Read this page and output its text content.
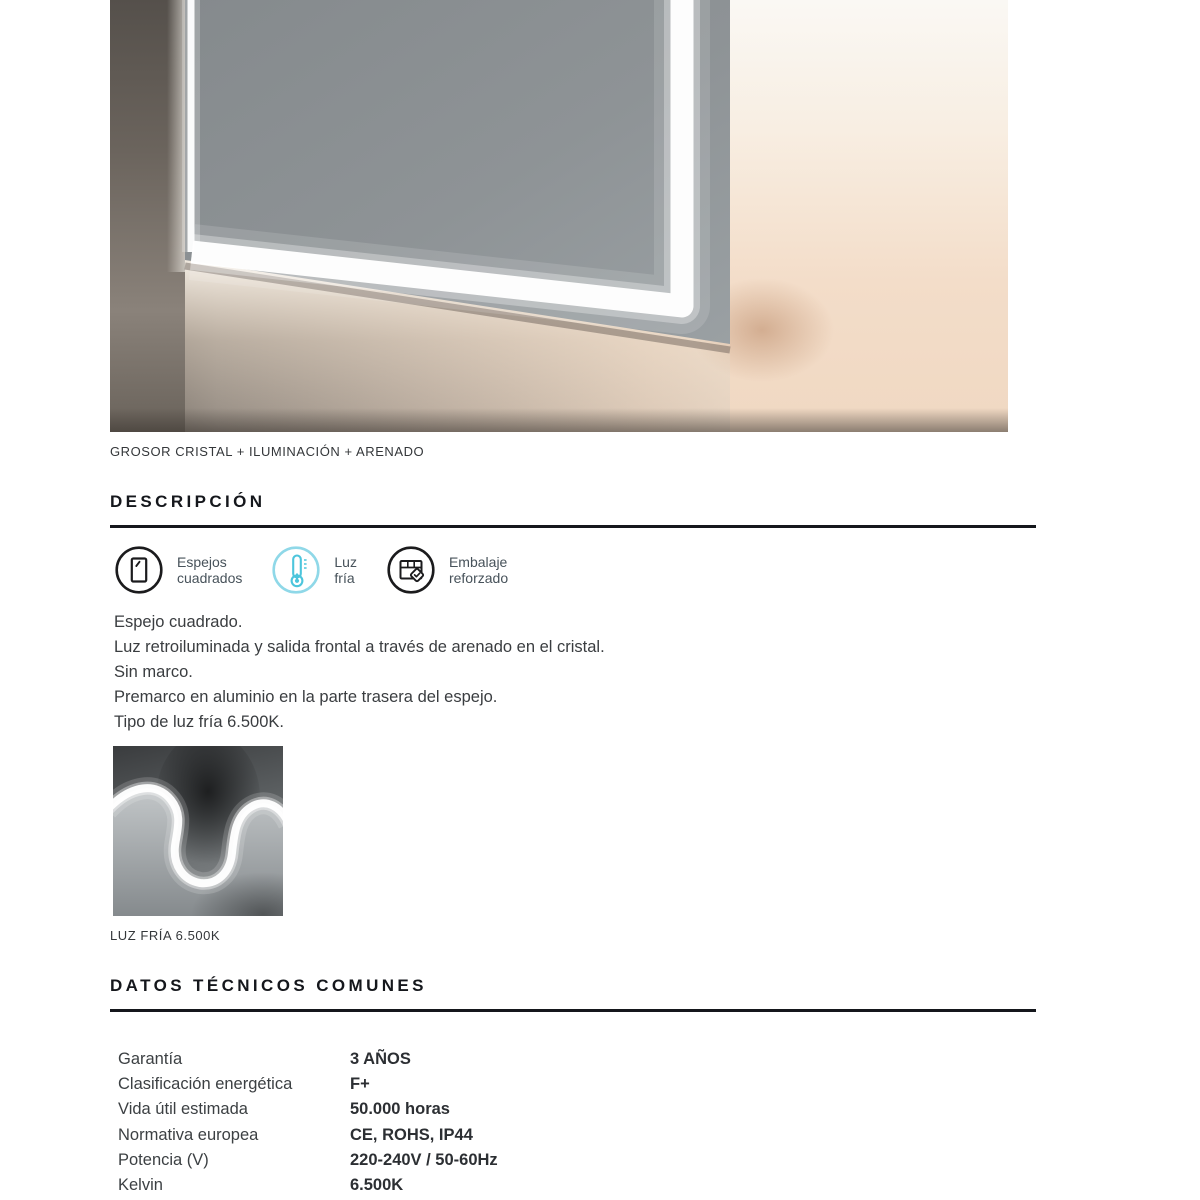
GROSOR CRISTAL + ILUMINACIÓN + ARENADO
DESCRIPCIÓN
Espejos
cuadrados
Luz
fría
Embalaje
reforzado
Espejo cuadrado.
Luz retroiluminada y salida frontal a través de arenado en el cristal.
Sin marco.
Premarco en aluminio en la parte trasera del espejo.
Tipo de luz fría 6.500K.
LUZ FRÍA 6.500K
DATOS TÉCNICOS COMUNES
Garantía	3 AÑOS
Clasificación energética	F+
Vida útil estimada	50.000 horas
Normativa europea	CE, ROHS, IP44
Potencia (V)	220-240V / 50-60Hz
Kelvin	6.500K
